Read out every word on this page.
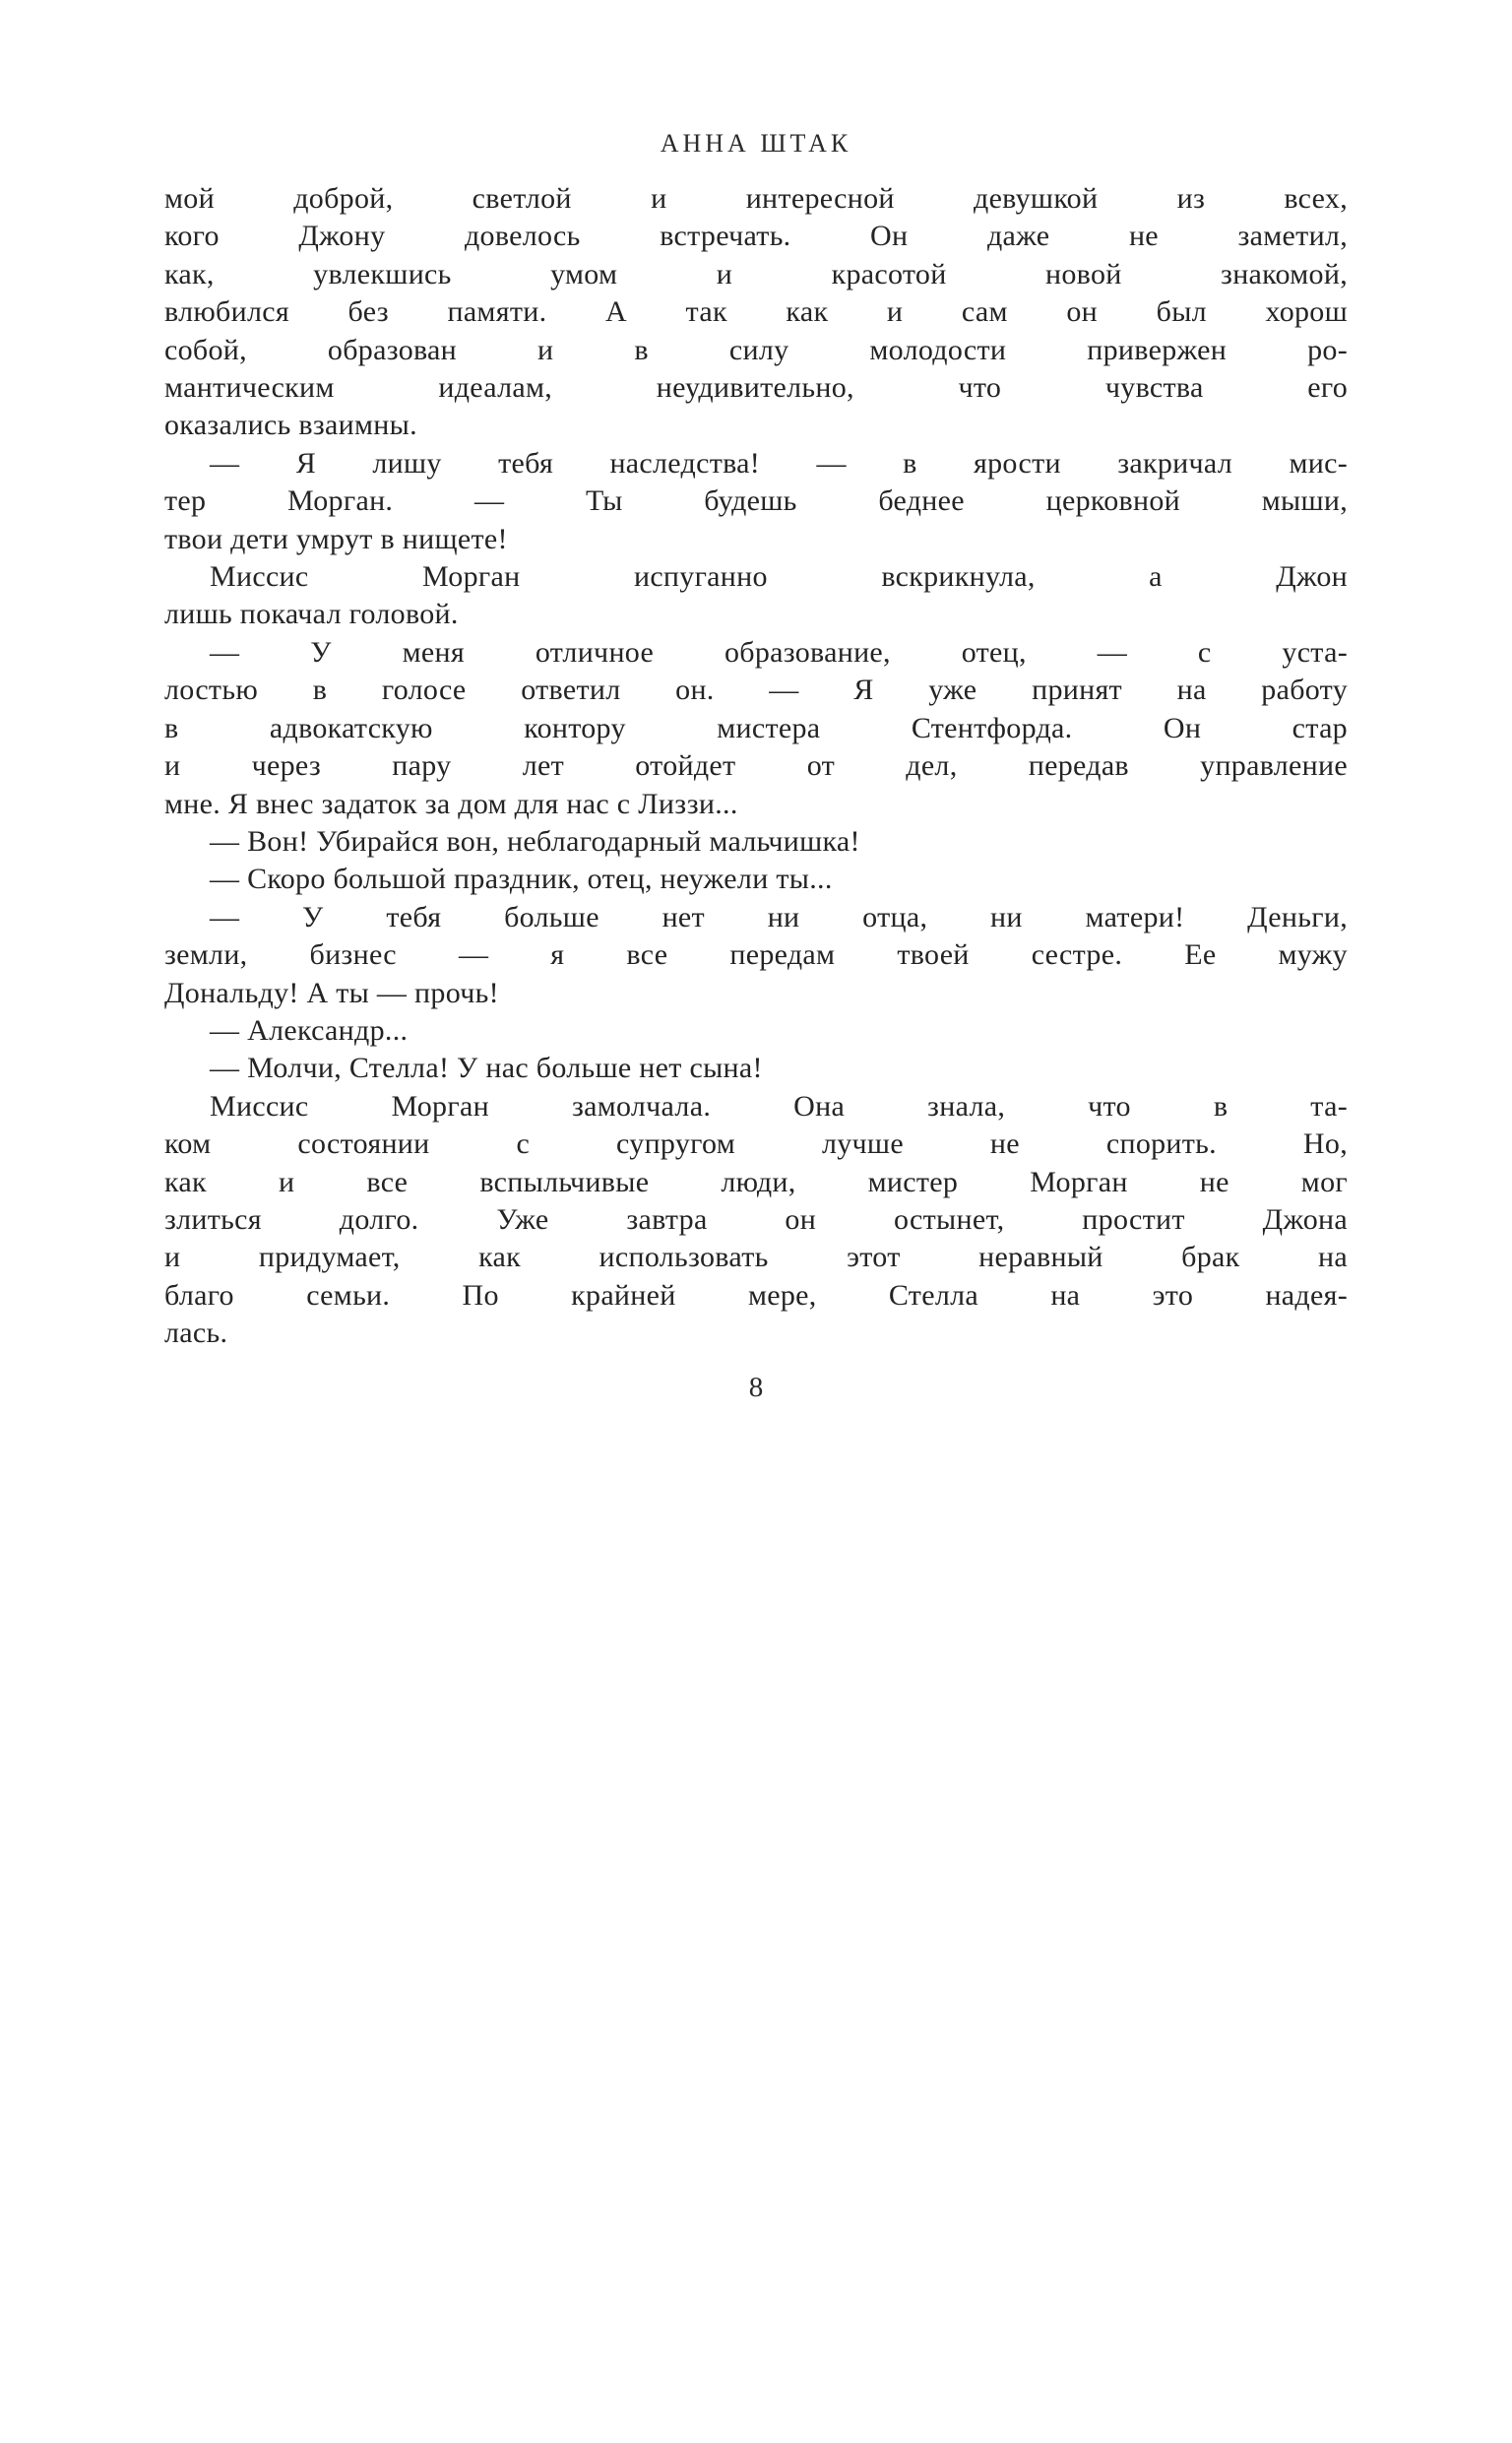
АННА ШТАК
мой доброй, светлой и интересной девушкой из всех,
кого Джону довелось встречать. Он даже не заметил,
как, увлекшись умом и красотой новой знакомой,
влюбился без памяти. А так как и сам он был хорош
собой, образован и в силу молодости привержен ро-
мантическим идеалам, неудивительно, что чувства его
оказались взаимны.
— Я лишу тебя наследства! — в ярости закричал мис-
тер Морган. — Ты будешь беднее церковной мыши,
твои дети умрут в нищете!
Миссис Морган испуганно вскрикнула, а Джон
лишь покачал головой.
— У меня отличное образование, отец, — с уста-
лостью в голосе ответил он. — Я уже принят на работу
в адвокатскую контору мистера Стентфорда. Он стар
и через пару лет отойдет от дел, передав управление
мне. Я внес задаток за дом для нас с Лиззи...
— Вон! Убирайся вон, неблагодарный мальчишка!
— Скоро большой праздник, отец, неужели ты...
— У тебя больше нет ни отца, ни матери! Деньги,
земли, бизнес — я все передам твоей сестре. Ее мужу
Дональду! А ты — прочь!
— Александр...
— Молчи, Стелла! У нас больше нет сына!
Миссис Морган замолчала. Она знала, что в та-
ком состоянии с супругом лучше не спорить. Но,
как и все вспыльчивые люди, мистер Морган не мог
злиться долго. Уже завтра он остынет, простит Джона
и придумает, как использовать этот неравный брак на
благо семьи. По крайней мере, Стелла на это надея-
лась.
8
